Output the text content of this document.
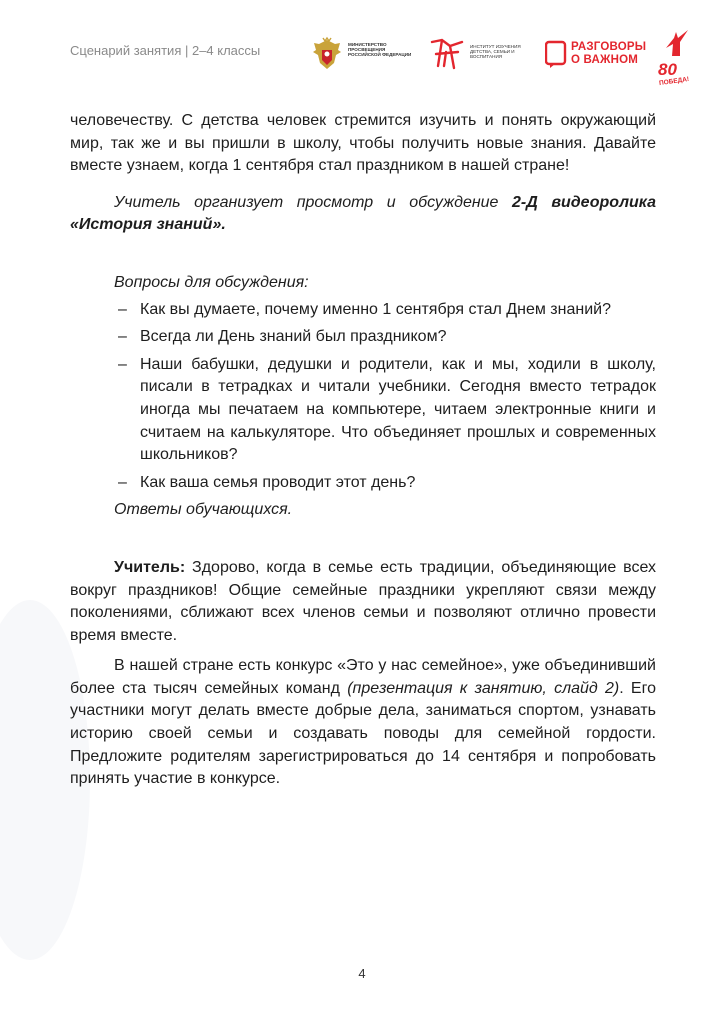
Сценарий занятия | 2–4 классы	МИНИСТЕРСТВО ПРОСВЕЩЕНИЯ РОССИЙСКОЙ ФЕДЕРАЦИИ
ИНСТИТУТ ИЗУЧЕНИЯ ДЕТСТВА, СЕМЬИ И ВОСПИТАНИЯ
РАЗГОВОРЫ
О ВАЖНОМ	80
ПОБЕДА!

человечеству. С детства человек стремится изучить и понять окружающий мир, так же и вы пришли в школу, чтобы получить новые знания. Давайте вместе узнаем, когда 1 сентября стал праздником в нашей стране!

Учитель организует просмотр и обсуждение 2-Д видеоролика «История знаний».

Вопросы для обсуждения:

– Как вы думаете, почему именно 1 сентября стал Днем знаний?
– Всегда ли День знаний был праздником?
– Наши бабушки, дедушки и родители, как и мы, ходили в школу, писали в тетрадках и читали учебники. Сегодня вместо тетрадок иногда мы печатаем на компьютере, читаем электронные книги и считаем на калькуляторе. Что объединяет прошлых и современных школьников?
– Как ваша семья проводит этот день?

Ответы обучающихся.

Учитель: Здорово, когда в семье есть традиции, объединяющие всех вокруг праздников! Общие семейные праздники укрепляют связи между поколениями, сближают всех членов семьи и позволяют отлично провести время вместе.

В нашей стране есть конкурс «Это у нас семейное», уже объединивший более ста тысяч семейных команд (презентация к занятию, слайд 2). Его участники могут делать вместе добрые дела, заниматься спортом, узнавать историю своей семьи и создавать поводы для семейной гордости. Предложите родителям зарегистрироваться до 14 сентября и попробовать принять участие в конкурсе.

4
